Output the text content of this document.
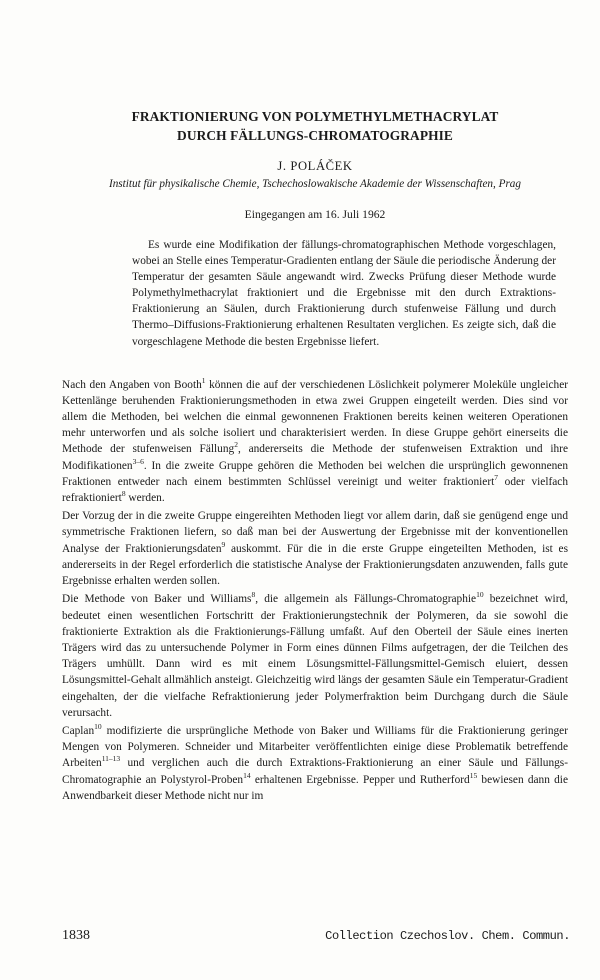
FRAKTIONIERUNG VON POLYMETHYLMETHACRYLAT
DURCH FÄLLUNGS-CHROMATOGRAPHIE
J. POLÁČEK
Institut für physikalische Chemie, Tschechoslowakische Akademie der Wissenschaften, Prag
Eingegangen am 16. Juli 1962

Es wurde eine Modifikation der fällungs-chromatographischen Methode vorgeschlagen, wobei an Stelle eines Temperatur-Gradienten entlang der Säule die periodische Änderung der Temperatur der gesamten Säule angewandt wird. Zwecks Prüfung dieser Methode wurde Polymethylmethacrylat fraktioniert und die Ergebnisse mit den durch Extraktions-Fraktionierung an Säulen, durch Fraktionierung durch stufenweise Fällung und durch Thermo–Diffusions-Fraktionierung erhaltenen Resultaten verglichen. Es zeigte sich, daß die vorgeschlagene Methode die besten Ergebnisse liefert.

Nach den Angaben von Booth$^1$ können die auf der verschiedenen Löslichkeit polymerer Moleküle ungleicher Kettenlänge beruhenden Fraktionierungsmethoden in etwa zwei Gruppen eingeteilt werden. Dies sind vor allem die Methoden, bei welchen die einmal gewonnenen Fraktionen bereits keinen weiteren Operationen mehr unterworfen und als solche isoliert und charakterisiert werden. In diese Gruppe gehört einerseits die Methode der stufenweisen Fällung$^2$, andererseits die Methode der stufenweisen Extraktion und ihre Modifikationen$^{3-6}$. In die zweite Gruppe gehören die Methoden bei welchen die ursprünglich gewonnenen Fraktionen entweder nach einem bestimmten Schlüssel vereinigt und weiter fraktioniert$^7$ oder vielfach refraktioniert$^8$ werden.

Der Vorzug der in die zweite Gruppe eingereihten Methoden liegt vor allem darin, daß sie genügend enge und symmetrische Fraktionen liefern, so daß man bei der Auswertung der Ergebnisse mit der konventionellen Analyse der Fraktionierungsdaten$^9$ auskommt. Für die in die erste Gruppe eingeteilten Methoden, ist es andererseits in der Regel erforderlich die statistische Analyse der Fraktionierungsdaten anzuwenden, falls gute Ergebnisse erhalten werden sollen.

Die Methode von Baker und Williams$^8$, die allgemein als Fällungs-Chromatographie$^{10}$ bezeichnet wird, bedeutet einen wesentlichen Fortschritt der Fraktionierungstechnik der Polymeren, da sie sowohl die fraktionierte Extraktion als die Fraktionierungs-Fällung umfaßt. Auf den Oberteil der Säule eines inerten Trägers wird das zu untersuchende Polymer in Form eines dünnen Films aufgetragen, der die Teilchen des Trägers umhüllt. Dann wird es mit einem Lösungsmittel-Fällungsmittel-Gemisch eluiert, dessen Lösungsmittel-Gehalt allmählich ansteigt. Gleichzeitig wird längs der gesamten Säule ein Temperatur-Gradient eingehalten, der die vielfache Refraktionierung jeder Polymerfraktion beim Durchgang durch die Säule verursacht.

Caplan$^{10}$ modifizierte die ursprüngliche Methode von Baker und Williams für die Fraktionierung geringer Mengen von Polymeren. Schneider und Mitarbeiter veröffentlichten einige diese Problematik betreffende Arbeiten$^{11-13}$ und verglichen auch die durch Extraktions-Fraktionierung an einer Säule und Fällungs-Chromatographie an Polystyrol-Proben$^{14}$ erhaltenen Ergebnisse. Pepper und Rutherford$^{15}$ bewiesen dann die Anwendbarkeit dieser Methode nicht nur im

1838	Collection Czechoslov. Chem. Commun.
